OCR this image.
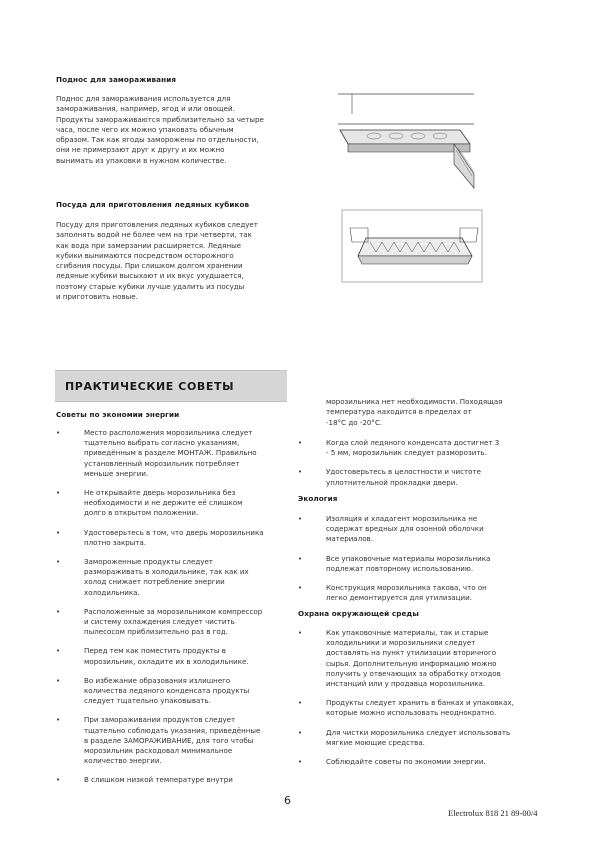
Поднос для замораживания
Поднос для замораживания используется для
замораживания, например, ягод и или овощей.
Продукты замораживаются приблизительно за четыре
часа, после чего их можно упаковать обычным
образом. Так как ягоды заморожены по отдельности,
они не примерзают друг к другу и их можно
вынимать из упаковки в нужном количестве.
Посуда для приготовления ледяных кубиков
Посуду для приготовления ледяных кубиков следует
заполнять водой не более чем на три четверти, так
как вода при замерзании расширяется. Ледяные
кубики вынимаются посредством осторожного
сгибания посуды. При слишком долгом хранении
ледяные кубики высыхают и их вкус ухудшается,
поэтому старые кубики лучше удалить из посуды
и приготовить новые.
ПРАКТИЧЕСКИЕ СОВЕТЫ
Советы по экономии энергии
•	Место расположения морозильника следует
тщательно выбрать согласно указаниям,
приведённым в разделе МОНТАЖ. Правильно
установленный морозильник потребляет
меньше энергии.
•	Не открывайте дверь морозильника без
необходимости и не держите её слишком
долго в открытом положении.
•	Удостоверьтесь в том, что дверь морозильника
плотно закрыта.
•	Замороженные продукты следует
размораживать в холодильнике, так как их
холод снижает потребление энергии
холодильника.
•	Расположенные за морозильником компрессор
и систему охлаждения следует чистить
пылесосом приблизительно раз в год.
•	Перед тем как поместить продукты в
морозильник, охладите их в холодильнике.
•	Во избежание образования излишнего
количества ледяного конденсата продукты
следует тщательно упаковывать.
•	При замораживании продуктов следует
тщательно соблюдать указания, приведённые
в разделе ЗАМОРАЖИВАНИЕ, для того чтобы
морозильник расходовал минимальное
количество энергии.
•	В слишком низкой температуре внутри
морозильника нет необходимости. Походящая
температура находится в пределах от
-18°С до -20°С.
•	Когда слой ледяного конденсата достигнет 3
- 5 мм, морозильник следует разморозить.
•	Удостоверьтесь в целостности и чистоте
уплотнительной прокладки двери.
Экология
•	Изоляция и хладагент морозильника не
содержат вредных для озонной оболочки
материалов.
•	Все упаковочные материалы морозильника
подлежат повторному использованию.
•	Конструкция морозильника такова, что он
легко демонтируется для утилизации.
Охрана окружающей среды
•	Как упаковочные материалы, так и старые
холодильники и морозильники следует
доставлять на пункт утилизации вторичного
сырья. Дополнительную информацию можно
получить у отвечающих за обработку отходов
инстанций или у продавца морозильника.
•	Продукты следует хранить в банках и упаковках,
которые можно использовать неоднократно.
•	Для чистки морозильника следует использовать
мягкие моющие средства.
•	Соблюдайте советы по экономии энергии.
6
Electrolux 818 21 89-00/4
